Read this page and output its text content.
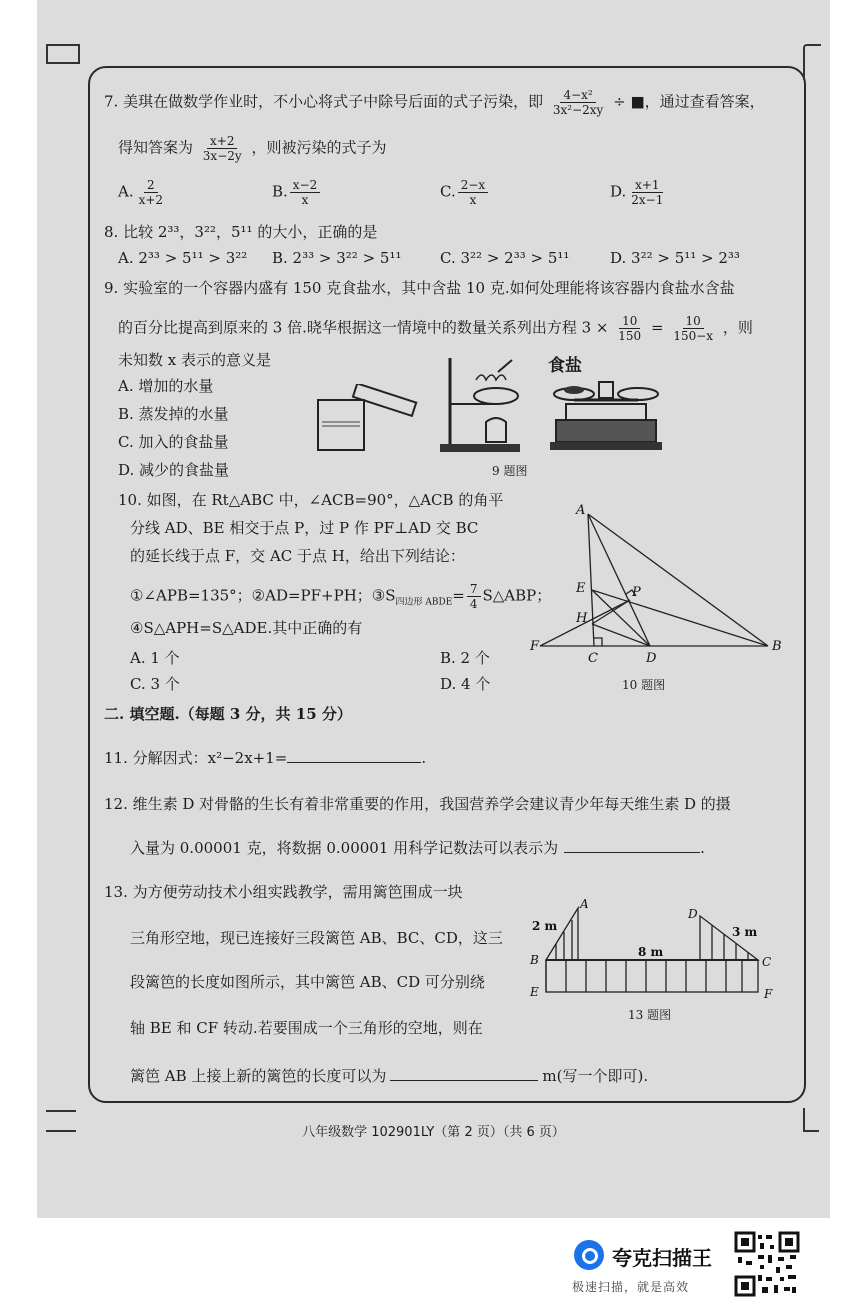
7. 美琪在做数学作业时，不小心将式子中除号后面的式子污染，即 $\frac{\text{4−x²}}{\text{3x²−2xy}}$ ÷ ■，通过查看答案，
得知答案为 $\frac{x+2}{3x-2y}$ ，则被污染的式子为
A. $\frac{2}{x+2}$	B. $\frac{x-2}{x}$	C. $\frac{2-x}{x}$	D. $\frac{x+1}{2x-1}$
8. 比较 2³³，3²²，5¹¹ 的大小，正确的是
A. 2³³ > 5¹¹ > 3²² B. 2³³ > 3²² > 5¹¹	C. 3²² > 2³³ > 5¹¹	D. 3²² > 5¹¹ > 2³³
9. 实验室的一个容器内盛有 150 克食盐水，其中含盐 10 克.如何处理能将该容器内食盐水含盐
的百分比提高到原来的 3 倍.晓华根据这一情境中的数量关系列出方程 $3 \times \frac{10}{150} = \frac{10}{150-x}$ ，则
未知数 x 表示的意义是
A. 增加的水量
B. 蒸发掉的水量
C. 加入的食盐量
D. 减少的食盐量
食盐
9 题图
10. 如图，在 Rt△ABC 中，∠ACB=90°，△ACB 的角平
分线 AD、BE 相交于点 P，过 P 作 PF⊥AD 交 BC
的延长线于点 F，交 AC 于点 H，给出下列结论：
①∠APB=135°；②AD=PF+PH；$③S_{四边形 ABDE}= \frac{7}{4}$ S△ABP；
④S△APH=S△ADE.其中正确的有
A. 1 个	B. 2 个
C. 3 个	D. 4 个
A
E	P
H
F
C	D
B
10 题图
二. 填空题.（每题 3 分，共 15 分）
11. 分解因式：x²−2x+1=	.
12. 维生素 D 对骨骼的生长有着非常重要的作用，我国营养学会建议青少年每天维生素 D 的摄
入量为 0.00001 克，将数据 0.00001 用科学记数法可以表示为	.
13. 为方便劳动技术小组实践教学，需用篱笆围成一块
三角形空地，现已连接好三段篱笆 AB、BC、CD，这三
段篱笆的长度如图所示，其中篱笆 AB、CD 可分别绕
轴 BE 和 CF 转动.若要围成一个三角形的空地，则在
篱笆 AB 上接上新的篱笆的长度可以为	m(写一个即可).
2 m
8 m
3 m
A
B	C
D
E	F
13 题图
八年级数学 102901LY（第 2 页）（共 6 页）
夸克扫描王
极速扫描，就是高效
